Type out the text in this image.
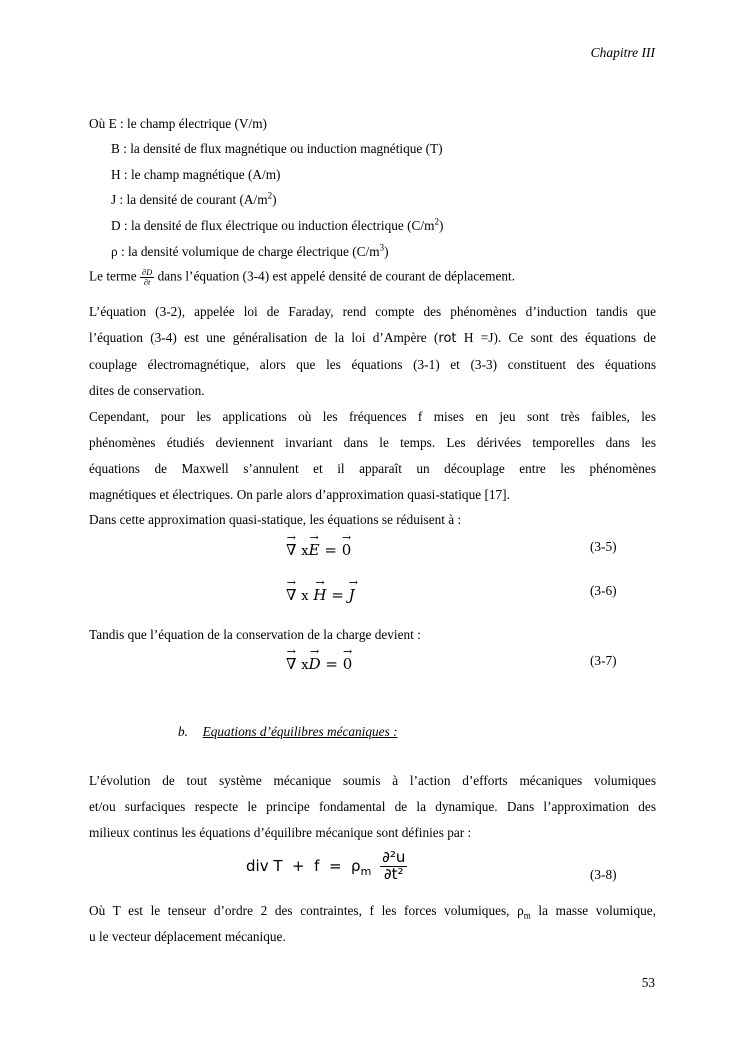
Chapitre III
Où E : le champ électrique (V/m)
B : la densité de flux magnétique ou induction magnétique (T)
H : le champ magnétique (A/m)
J : la densité de courant $(A/m^2)$
D : la densité de flux électrique ou induction électrique $(C/m^2)$
ρ : la densité volumique de charge électrique $(C/m^3)$
Le terme $\frac{\partial D}{\partial t}$ dans l’équation (3-4) est appelé densité de courant de déplacement.
L’équation (3-2), appelée loi de Faraday, rend compte des phénomènes d’induction tandis que
l’équation (3-4) est une généralisation de la loi d’Ampère (rot H =J). Ce sont des équations de
couplage électromagnétique, alors que les équations (3-1) et (3-3) constituent des équations
dites de conservation.
Cependant, pour les applications où les fréquences f mises en jeu sont très faibles, les
phénomènes étudiés deviennent invariant dans le temps. Les dérivées temporelles dans les
équations de Maxwell s’annulent et il apparaît un découplage entre les phénomènes
magnétiques et électriques. On parle alors d’approximation quasi-statique [17].
Dans cette approximation quasi-statique, les équations se réduisent à :
→
∇ x
→
E =
→
0	(3-5)
→
∇ x
→
H =
→
J	(3-6)
Tandis que l’équation de la conservation de la charge devient :
→
∇ x
→
D =
→
0	(3-7)
b. Equations d’équilibres mécaniques :
L’évolution de tout système mécanique soumis à l’action d’efforts mécaniques volumiques
et/ou surfaciques respecte le principe fondamental de la dynamique. Dans l’approximation des
milieux continus les équations d’équilibre mécanique sont définies par :
div $T + f = \rho_m \frac{\text{∂²u}}{\text{∂t²}}$	(3-8)
Où T est le tenseur d’ordre 2 des contraintes, f les forces volumiques, $\rho_m$ la masse volumique,
u le vecteur déplacement mécanique.
53
